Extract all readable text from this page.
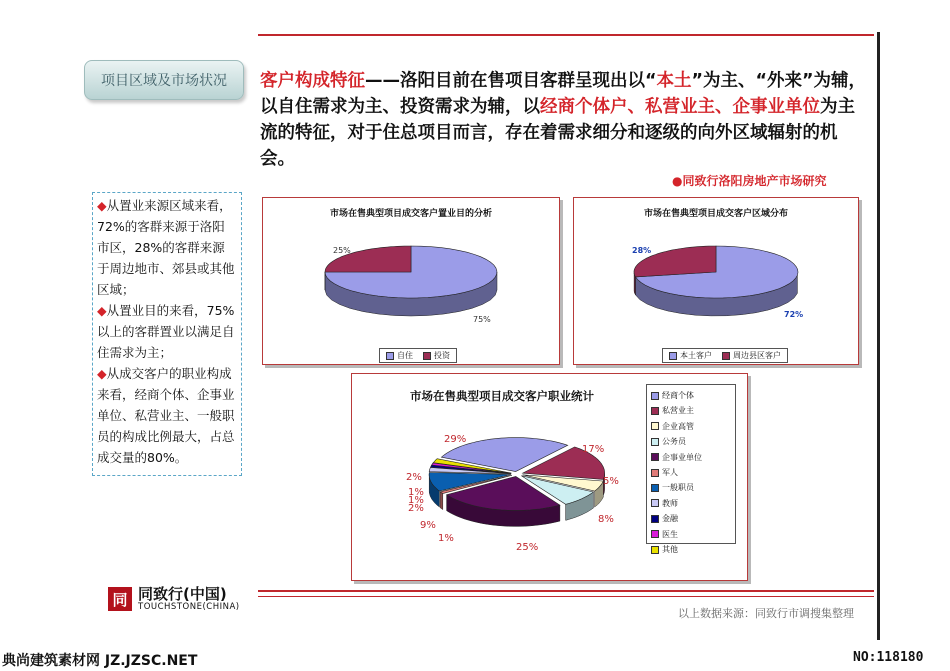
项目区域及市场状况	客户构成特征——洛阳目前在售项目客群呈现出以“本土”为主、“外来”为辅，以自住需求为主、投资需求为辅，以经商个体户、私营业主、企事业单位为主流的特征，对于住总项目而言，存在着需求细分和逐级的向外区域辐射的机会。
●同致行洛阳房地产市场研究
◆从置业来源区域来看，72%的客群来源于洛阳市区，28%的客群来源于周边地市、郊县或其他区域；
◆从置业目的来看，75%以上的客群置业以满足自住需求为主；
◆从成交客户的职业构成来看，经商个体、企事业单位、私营业主、一般职员的构成比例最大，占总成交量的80%。
市场在售典型项目成交客户置业目的分析
25%
75%
自住	投资
市场在售典型项目成交客户区域分布
28%
72%
本土客户	周边县区客户
市场在售典型项目成交客户职业统计
29%
17%
5%
8%
25%
1%
9%
2%
1%
1%
2%
经商个体
私营业主
企业高管
公务员
企事业单位
军人
一般职员
教师
金融
医生
其他
同 同致行(中国)
TOUCHSTONE(CHINA)	以上数据来源：同致行市调搜集整理
典尚建筑素材网 JZ.JZSC.NET	NO:118180
